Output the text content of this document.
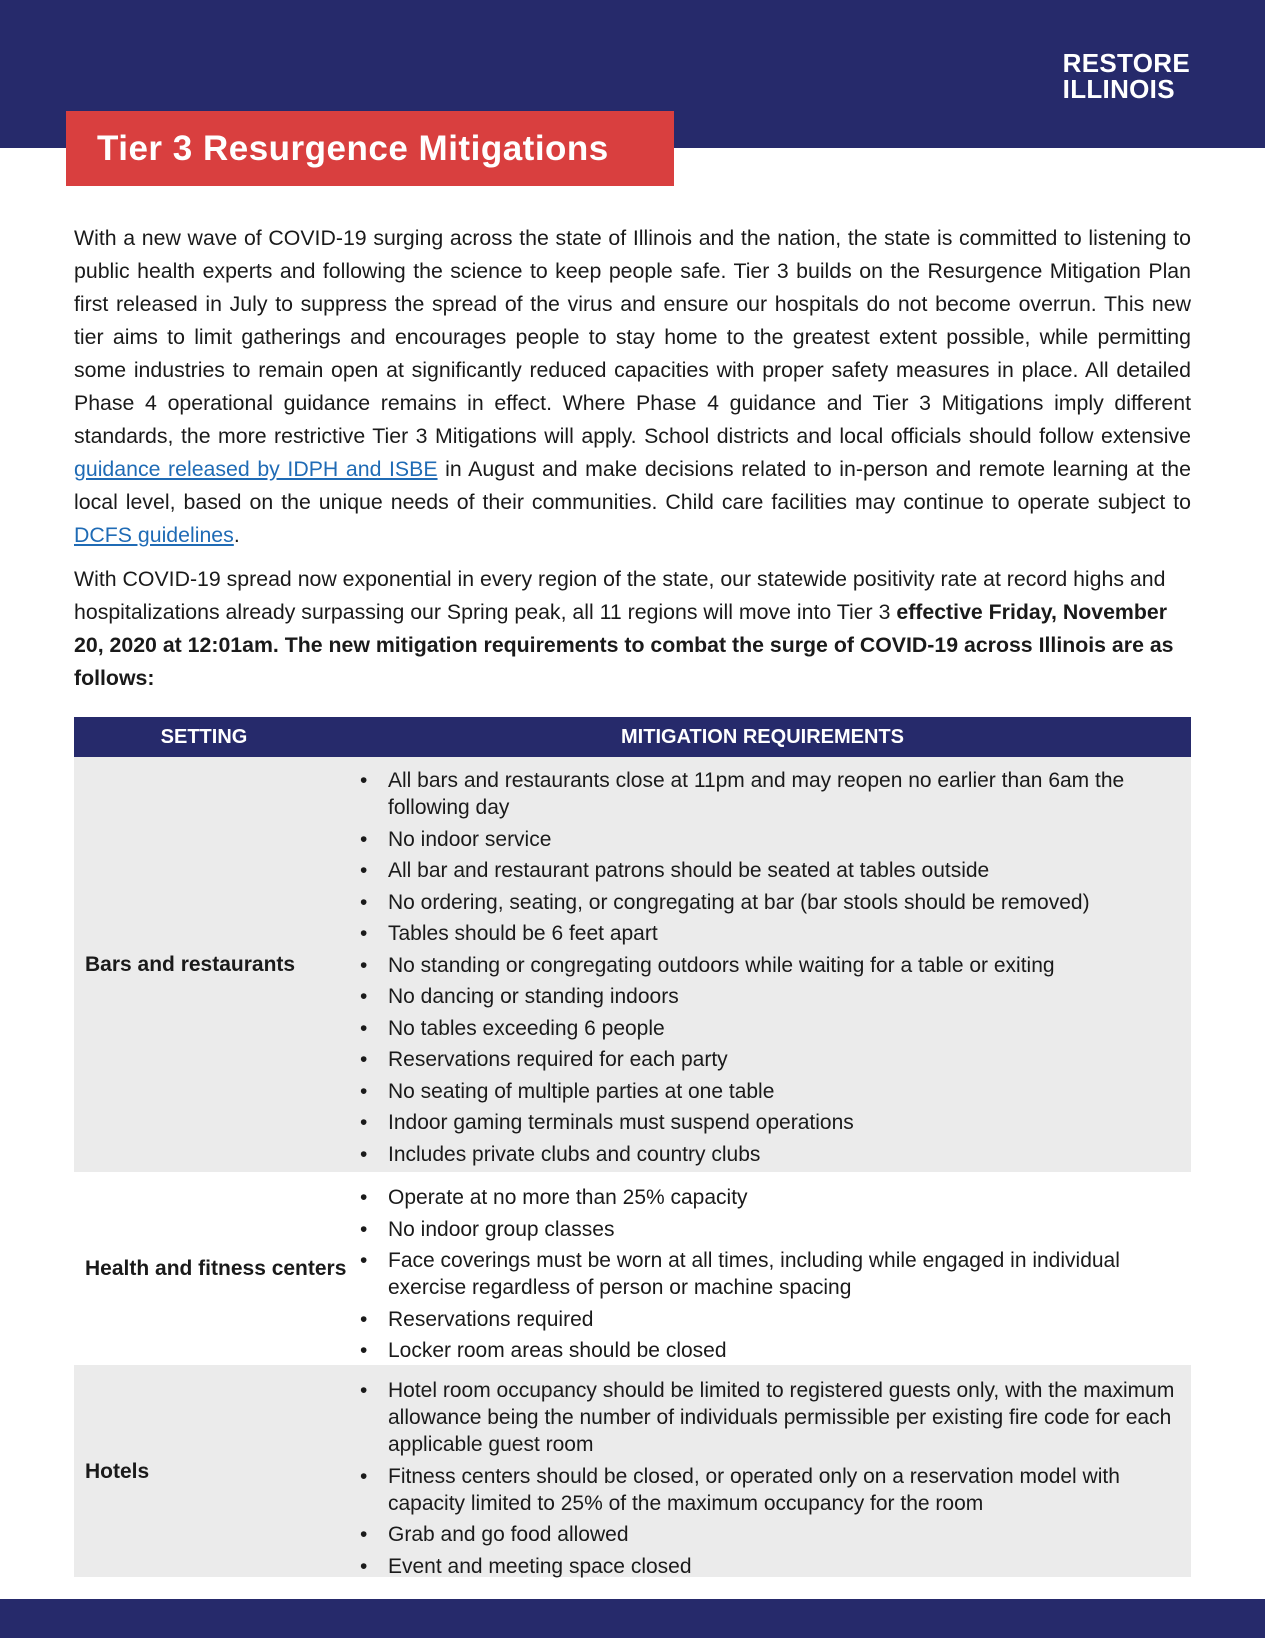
RESTORE
ILLINOIS
Tier 3 Resurgence Mitigations

With a new wave of COVID-19 surging across the state of Illinois and the nation, the state is committed to listening to public health experts and following the science to keep people safe. Tier 3 builds on the Resurgence Mitigation Plan first released in July to suppress the spread of the virus and ensure our hospitals do not become overrun. This new tier aims to limit gatherings and encourages people to stay home to the greatest extent possible, while permitting some industries to remain open at significantly reduced capacities with proper safety measures in place. All detailed Phase 4 operational guidance remains in effect. Where Phase 4 guidance and Tier 3 Mitigations imply different standards, the more restrictive Tier 3 Mitigations will apply. School districts and local officials should follow extensive guidance released by IDPH and ISBE in August and make decisions related to in-person and remote learning at the local level, based on the unique needs of their communities. Child care facilities may continue to operate subject to DCFS guidelines.

With COVID-19 spread now exponential in every region of the state, our statewide positivity rate at record highs and hospitalizations already surpassing our Spring peak, all 11 regions will move into Tier 3 effective Friday, November 20, 2020 at 12:01am. The new mitigation requirements to combat the surge of COVID-19 across Illinois are as follows:

SETTING	MITIGATION REQUIREMENTS
Bars and restaurants
• All bars and restaurants close at 11pm and may reopen no earlier than 6am the following day
• No indoor service
• All bar and restaurant patrons should be seated at tables outside
• No ordering, seating, or congregating at bar (bar stools should be removed)
• Tables should be 6 feet apart
• No standing or congregating outdoors while waiting for a table or exiting
• No dancing or standing indoors
• No tables exceeding 6 people
• Reservations required for each party
• No seating of multiple parties at one table
• Indoor gaming terminals must suspend operations
• Includes private clubs and country clubs
Health and fitness centers
• Operate at no more than 25% capacity
• No indoor group classes
• Face coverings must be worn at all times, including while engaged in individual exercise regardless of person or machine spacing
• Reservations required
• Locker room areas should be closed
Hotels
• Hotel room occupancy should be limited to registered guests only, with the maximum allowance being the number of individuals permissible per existing fire code for each applicable guest room
• Fitness centers should be closed, or operated only on a reservation model with capacity limited to 25% of the maximum occupancy for the room
• Grab and go food allowed
• Event and meeting space closed
